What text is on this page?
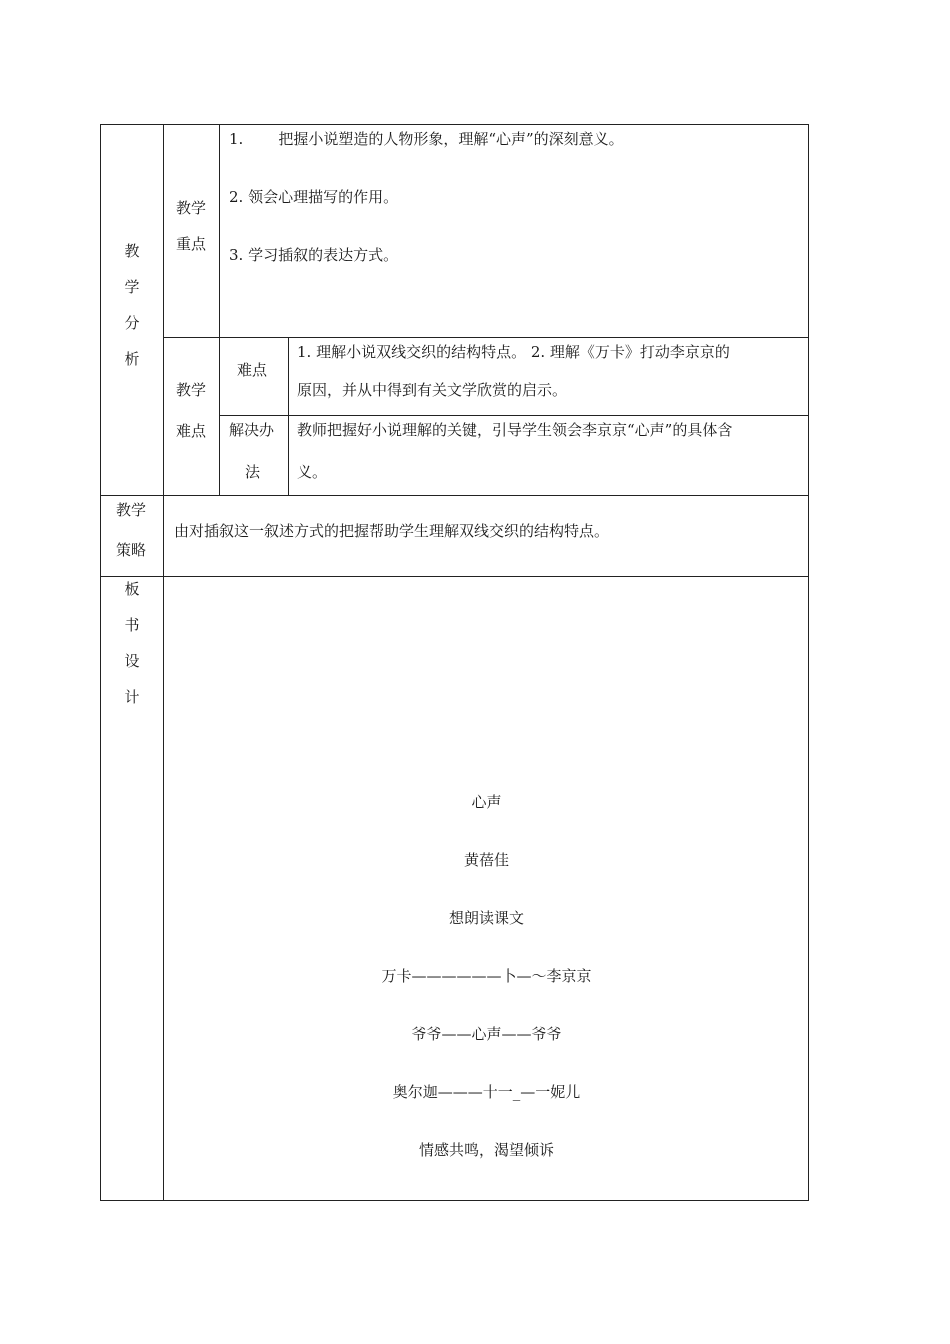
教
学
分
析
教学
重点
1. 把握小说塑造的人物形象，理解“心声”的深刻意义。
2. 领会心理描写的作用。
3. 学习插叙的表达方式。
教学
难点
难点
1. 理解小说双线交织的结构特点。 2. 理解《万卡》打动李京京的
原因，并从中得到有关文学欣赏的启示。
解决办
法
教师把握好小说理解的关键，引导学生领会李京京“心声”的具体含
义。
教学
策略
由对插叙这一叙述方式的把握帮助学生理解双线交织的结构特点。
板
书
设
计
心声
黄蓓佳
想朗读课文
万卡——————卜—～李京京
爷爷——心声——爷爷
奥尔迦———十一_—一妮儿
情感共鸣，渴望倾诉
